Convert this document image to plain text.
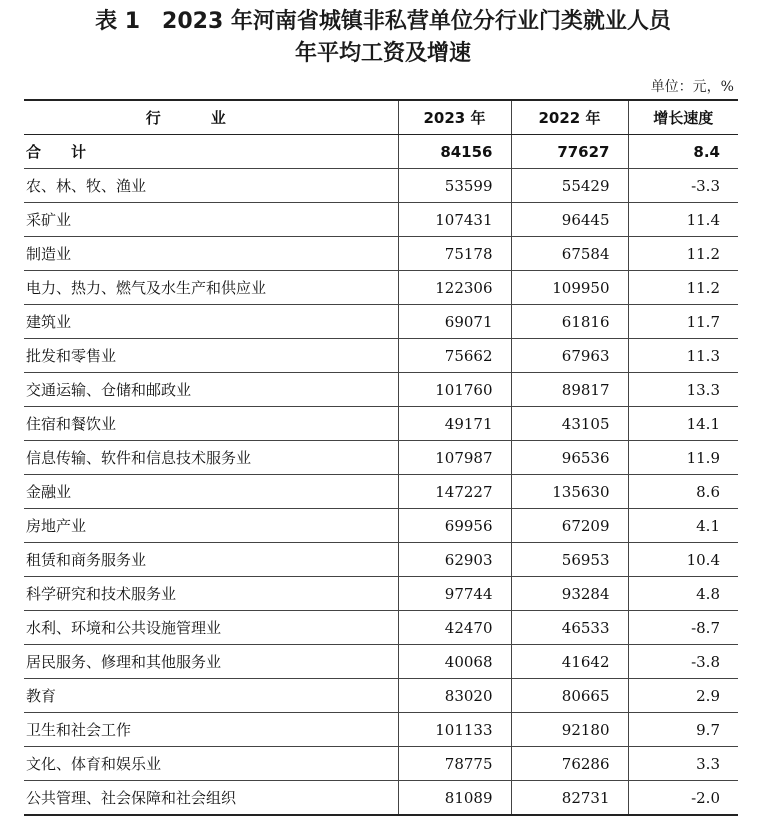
表 1　2023 年河南省城镇非私营单位分行业门类就业人员
年平均工资及增速
单位：元，%
行业	2023 年	2022 年	增长速度
合计	84156	77627	8.4
农、林、牧、渔业	53599	55429	-3.3
采矿业	107431	96445	11.4
制造业	75178	67584	11.2
电力、热力、燃气及水生产和供应业	122306	109950	11.2
建筑业	69071	61816	11.7
批发和零售业	75662	67963	11.3
交通运输、仓储和邮政业	101760	89817	13.3
住宿和餐饮业	49171	43105	14.1
信息传输、软件和信息技术服务业	107987	96536	11.9
金融业	147227	135630	8.6
房地产业	69956	67209	4.1
租赁和商务服务业	62903	56953	10.4
科学研究和技术服务业	97744	93284	4.8
水利、环境和公共设施管理业	42470	46533	-8.7
居民服务、修理和其他服务业	40068	41642	-3.8
教育	83020	80665	2.9
卫生和社会工作	101133	92180	9.7
文化、体育和娱乐业	78775	76286	3.3
公共管理、社会保障和社会组织	81089	82731	-2.0
